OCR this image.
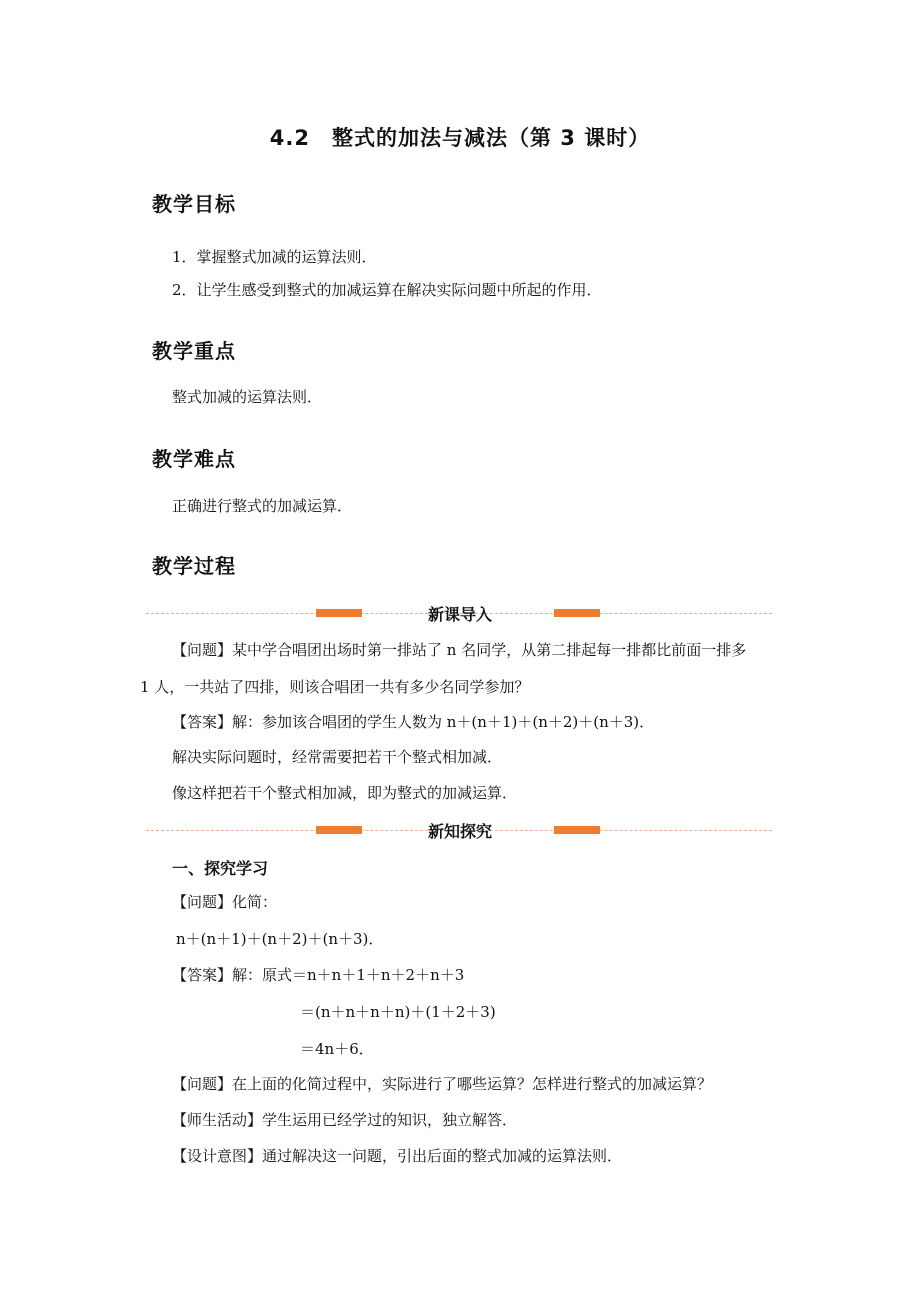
4.2　整式的加法与减法（第 3 课时）
教学目标
1．掌握整式加减的运算法则．
2．让学生感受到整式的加减运算在解决实际问题中所起的作用．
教学重点
整式加减的运算法则．
教学难点
正确进行整式的加减运算．
教学过程
新课导入
【问题】某中学合唱团出场时第一排站了 n 名同学，从第二排起每一排都比前面一排多
1 人，一共站了四排，则该合唱团一共有多少名同学参加？
【答案】解：参加该合唱团的学生人数为 n＋(n＋1)＋(n＋2)＋(n＋3)．
解决实际问题时，经常需要把若干个整式相加减．
像这样把若干个整式相加减，即为整式的加减运算．
新知探究
一、探究学习
【问题】化简：
n＋(n＋1)＋(n＋2)＋(n＋3)．
【答案】解：原式＝n＋n＋1＋n＋2＋n＋3
＝(n＋n＋n＋n)＋(1＋2＋3)
＝4n＋6．
【问题】在上面的化简过程中，实际进行了哪些运算？怎样进行整式的加减运算？
【师生活动】学生运用已经学过的知识，独立解答．
【设计意图】通过解决这一问题，引出后面的整式加减的运算法则．
